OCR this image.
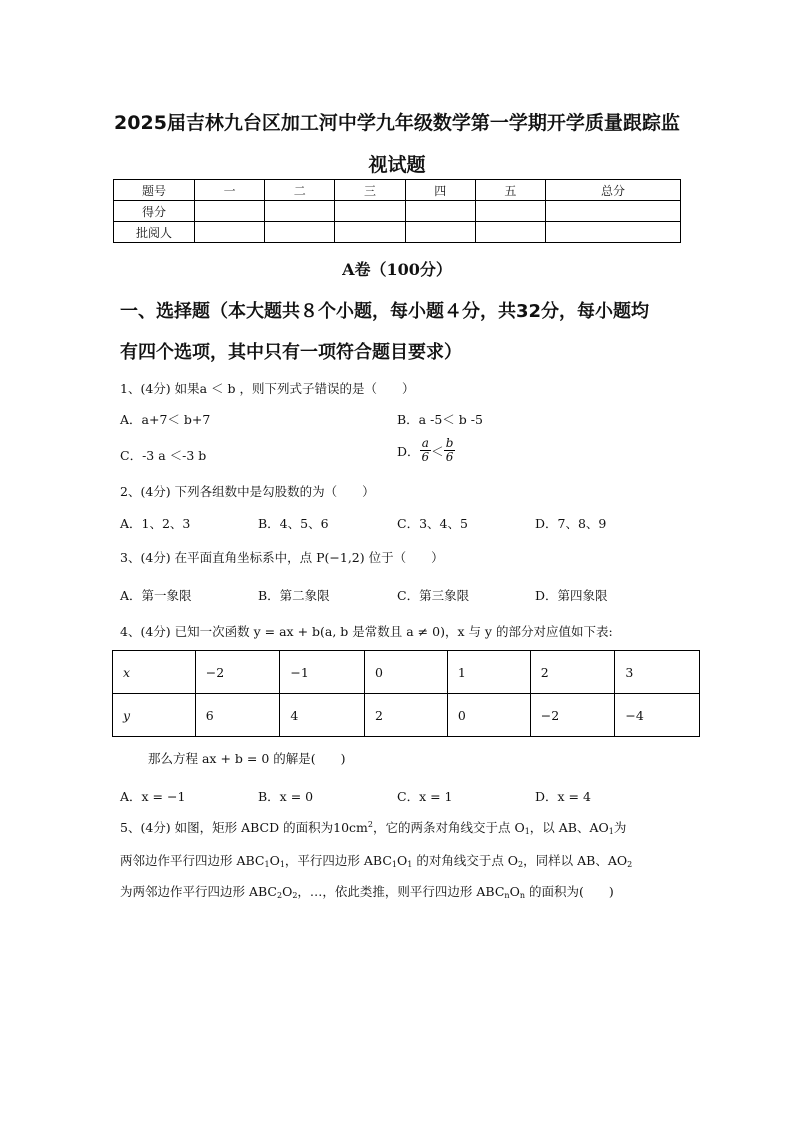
2025届吉林九台区加工河中学九年级数学第一学期开学质量跟踪监
视试题
题号	一	二	三	四	五	总分
得分						
批阅人						
A卷（100分）
一、选择题（本大题共８个小题，每小题４分，共32分，每小题均
有四个选项，其中只有一项符合题目要求）
1、(4分) 如果a ＜ b ，则下列式子错误的是（　　）
A．a+7＜ b+7	B．a -5＜ b -5
C．-3 a ＜-3 b	D． $\frac{a}{6} < \frac{b}{6}$
2、(4分) 下列各组数中是勾股数的为（　　）
A．1、2、3	B．4、5、6	C．3、4、5	D．7、8、9
3、(4分) 在平面直角坐标系中，点 P(−1,2) 位于（　　）
A．第一象限	B．第二象限	C．第三象限	D．第四象限
4、(4分) 已知一次函数 y = ax + b(a, b 是常数且 a ≠ 0)，x 与 y 的部分对应值如下表:
x	−2	−1	0	1	2	3
y	6	4	2	0	−2	−4
那么方程 ax + b = 0 的解是(　　)
A．x = −1	B．x = 0	C．x = 1	D．x = 4
5、(4分) 如图，矩形 ABCD 的面积为$10cm^2$，它的两条对角线交于点 $O_1$，以 AB、$AO_1$为
两邻边作平行四边形 $ABC_1O_1$，平行四边形 $ABC_1O_1$ 的对角线交于点 $O_2$，同样以 AB、$AO_2$
为两邻边作平行四边形 $ABC_2O_2$，…，依此类推，则平行四边形 $ABC_nO_n$ 的面积为(　　)
